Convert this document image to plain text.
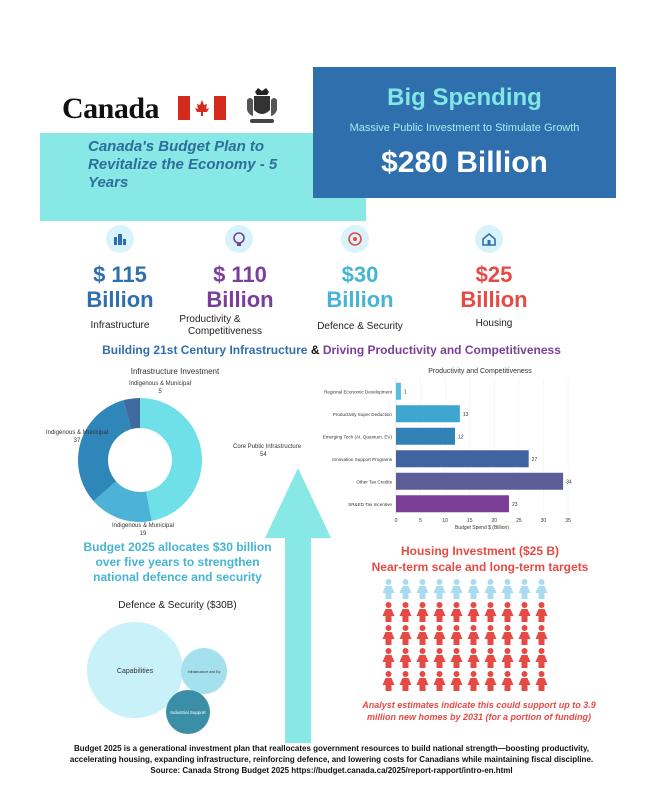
Canada
Canada's Budget Plan to Revitalize the Economy - 5 Years
Big Spending
Massive Public Investment to Stimulate Growth
$280 Billion
$ 115
Billion
Infrastructure
$ 110
Billion
Productivity &
Competitiveness
$30
Billion
Defence & Security
$25
Billion
Housing
Building 21st Century Infrastructure & Driving Productivity and Competitiveness
Infrastructure Investment
Core Public Infrastructure
54
Indigenous & Municipal
19
Indigenous & Municipal
37
Indigenous & Municipal
5
Productivity and Competitiveness
0	5	10	15	20	25	30	35
Regional Economic Development 1
Productivity Super Deduction	13
Emerging Tech (AI, Quantum, EV)	12
Innovation Support Programs	27
Other Tax Credits	34
SR&ED Tax Incentive	23
Budget Spend $ (Billion)
Budget 2025 allocates $30 billion over five years to strengthen national defence and security
Defence & Security ($30B)
Capabilities	Infrastructure and Eq
Industrial Support
Housing Investment ($25 B)
Near-term scale and long-term targets
Analyst estimates indicate this could support up to 3.9 million new homes by 2031 (for a portion of funding)
Budget 2025 is a generational investment plan that reallocates government resources to build national strength—boosting productivity,
accelerating housing, expanding infrastructure, reinforcing defence, and lowering costs for Canadians while maintaining fiscal discipline.
Source: Canada Strong Budget 2025 https://budget.canada.ca/2025/report-rapport/intro-en.html
